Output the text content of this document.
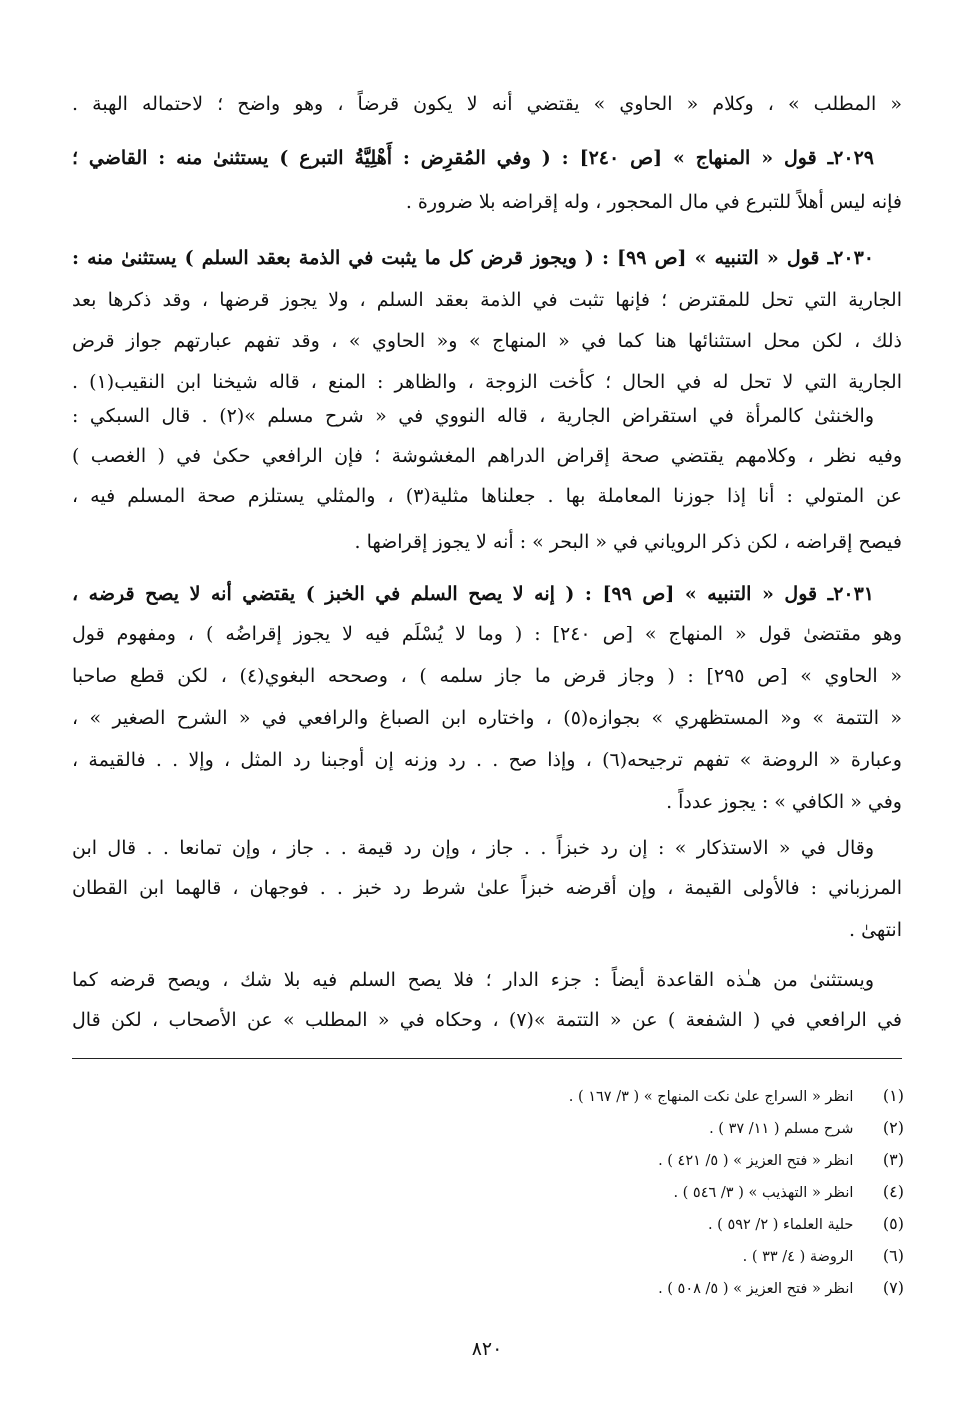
« المطلب » ، وكلام « الحاوي » يقتضي أنه لا يكون قرضاً ، وهو واضح ؛ لاحتماله الهبة .
٢٠٢٩ـ قول « المنهاج » [ص ٢٤٠] : ( وفي المُقرِض : أَهْلِيَّةُ التبرع ) يستثنىٰ منه : القاضي ؛
فإنه ليس أهلاً للتبرع في مال المحجور ، وله إقراضه بلا ضرورة .
٢٠٣٠ـ قول « التنبيه » [ص ٩٩] : ( ويجوز قرض كل ما يثبت في الذمة بعقد السلم ) يستثنىٰ منه :
الجارية التي تحل للمقترض ؛ فإنها تثبت في الذمة بعقد السلم ، ولا يجوز قرضها ، وقد ذكرها بعد
ذلك ، لكن محل استثنائها هنا كما في « المنهاج » و« الحاوي » ، وقد تفهم عبارتهم جواز قرض
الجارية التي لا تحل له في الحال ؛ كأخت الزوجة ، والظاهر : المنع ، قاله شيخنا ابن النقيب(١) .
والخنثىٰ كالمرأة في استقراض الجارية ، قاله النووي في « شرح مسلم »(٢) . قال السبكي :
وفيه نظر ، وكلامهم يقتضي صحة إقراض الدراهم المغشوشة ؛ فإن الرافعي حكىٰ في ( الغصب )
عن المتولي : أنا إذا جوزنا المعاملة بها . جعلناها مثلية(٣) ، والمثلي يستلزم صحة المسلم فيه ،
فيصح إقراضه ، لكن ذكر الروياني في « البحر » : أنه لا يجوز إقراضها .
٢٠٣١ـ قول « التنبيه » [ص ٩٩] : ( إنه لا يصح السلم في الخبز ) يقتضي أنه لا يصح قرضه ،
وهو مقتضىٰ قول « المنهاج » [ص ٢٤٠] : ( وما لا يُسْلَم فيه لا يجوز إقراضُه ) ، ومفهوم قول
« الحاوي » [ص ٢٩٥] : ( وجاز قرض ما جاز سلمه ) ، وصححه البغوي(٤) ، لكن قطع صاحبا
« التتمة » و« المستظهري » بجوازه(٥) ، واختاره ابن الصباغ والرافعي في « الشرح الصغير » ،
وعبارة « الروضة » تفهم ترجيحه(٦) ، وإذا صح . . رد وزنه إن أوجبنا رد المثل ، وإلا . . فالقيمة ،
وفي « الكافي » : يجوز عدداً .
وقال في « الاستذكار » : إن رد خبزاً . . جاز ، وإن رد قيمة . . جاز ، وإن تمانعا . . قال ابن
المرزباني : فالأولى القيمة ، وإن أقرضه خبزاً علىٰ شرط رد خبز . . فوجهان ، قالهما ابن القطان
انتهىٰ .
ويستثنىٰ من هـٰذه القاعدة أيضاً : جزء الدار ؛ فلا يصح السلم فيه بلا شك ، ويصح قرضه كما
في الرافعي في ( الشفعة ) عن « التتمة »(٧) ، وحكاه في « المطلب » عن الأصحاب ، لكن قال
(١) انظر « السراج علىٰ نكت المنهاج » ( ٣/ ١٦٧ ) .
(٢) شرح مسلم ( ١١/ ٣٧ ) .
(٣) انظر « فتح العزيز » ( ٥/ ٤٢١ ) .
(٤) انظر « التهذيب » ( ٣/ ٥٤٦ ) .
(٥) حلية العلماء ( ٢/ ٥٩٢ ) .
(٦) الروضة ( ٤/ ٣٣ ) .
(٧) انظر « فتح العزيز » ( ٥/ ٥٠٨ ) .
٨٢٠
